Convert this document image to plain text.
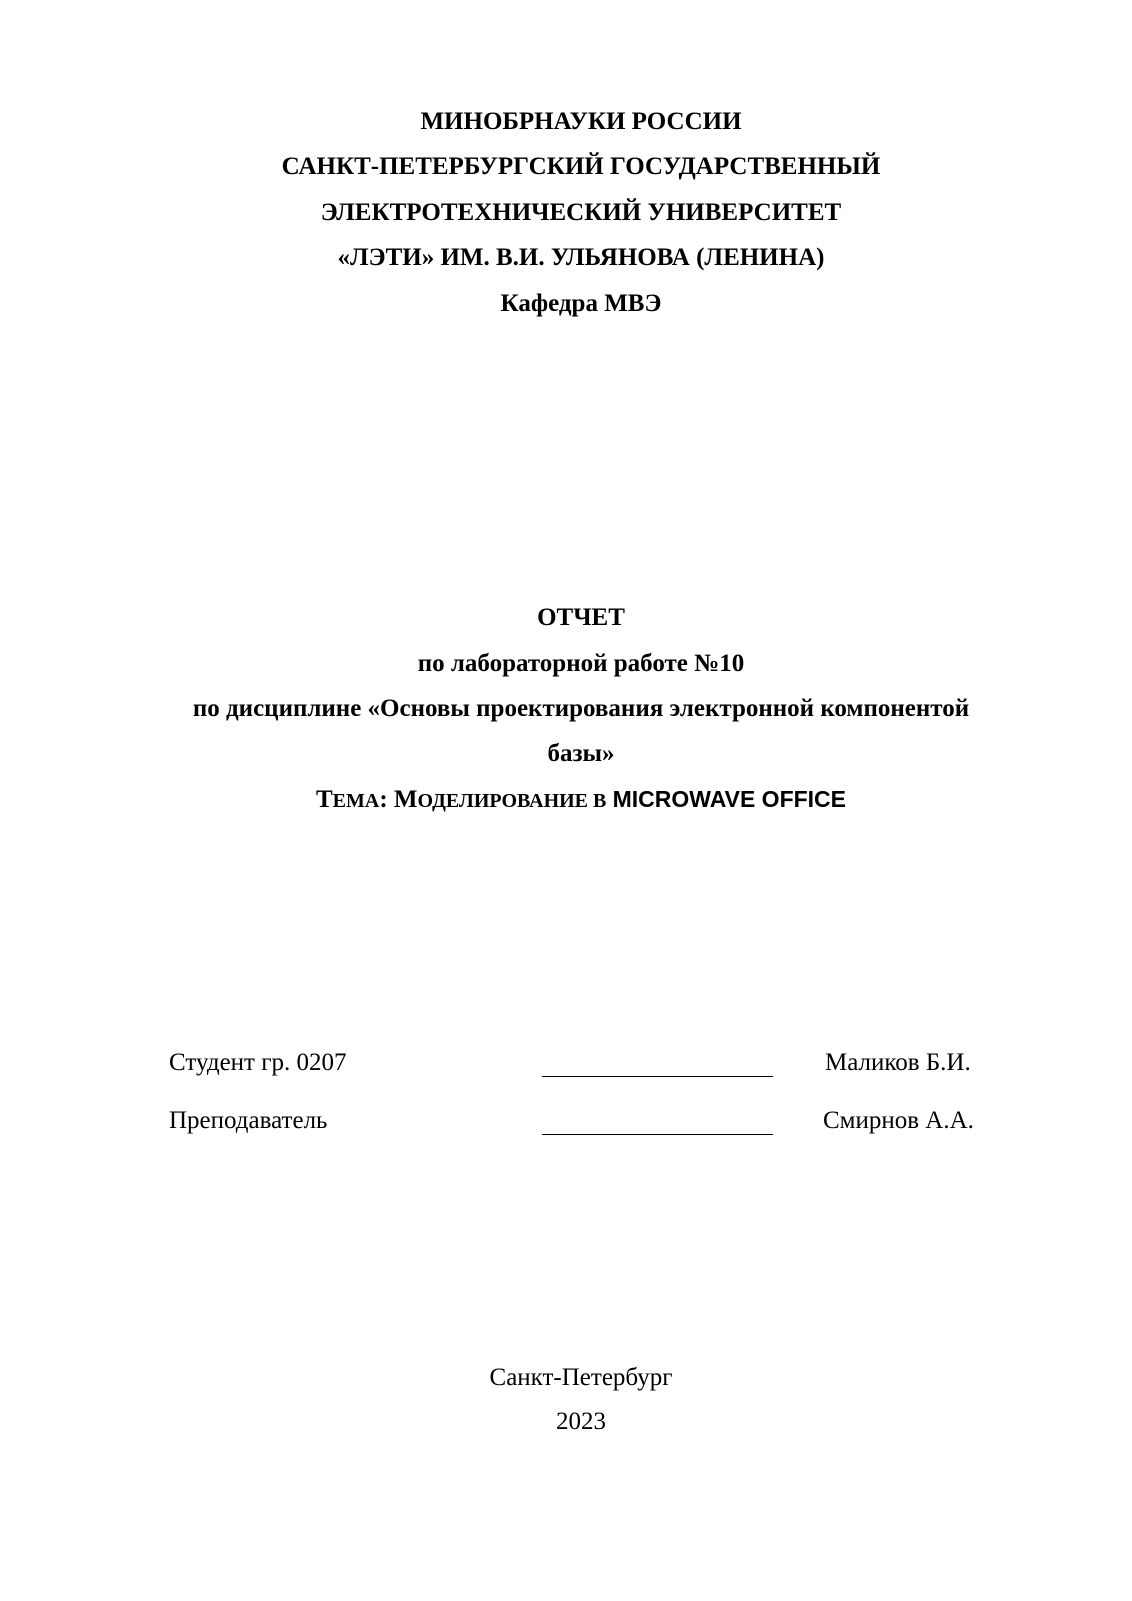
МИНОБРНАУКИ РОССИИ
САНКТ-ПЕТЕРБУРГСКИЙ ГОСУДАРСТВЕННЫЙ
ЭЛЕКТРОТЕХНИЧЕСКИЙ УНИВЕРСИТЕТ
«ЛЭТИ» ИМ. В.И. УЛЬЯНОВА (ЛЕНИНА)
Кафедра МВЭ
ОТЧЕТ
по лабораторной работе №10
по дисциплине «Основы проектирования электронной компонентой
базы»
ТЕМА: МОДЕЛИРОВАНИЕ В MICROWAVE OFFICE
Студент гр. 0207	Маликов Б.И.
Преподаватель	Смирнов А.А.
Санкт-Петербург
2023
